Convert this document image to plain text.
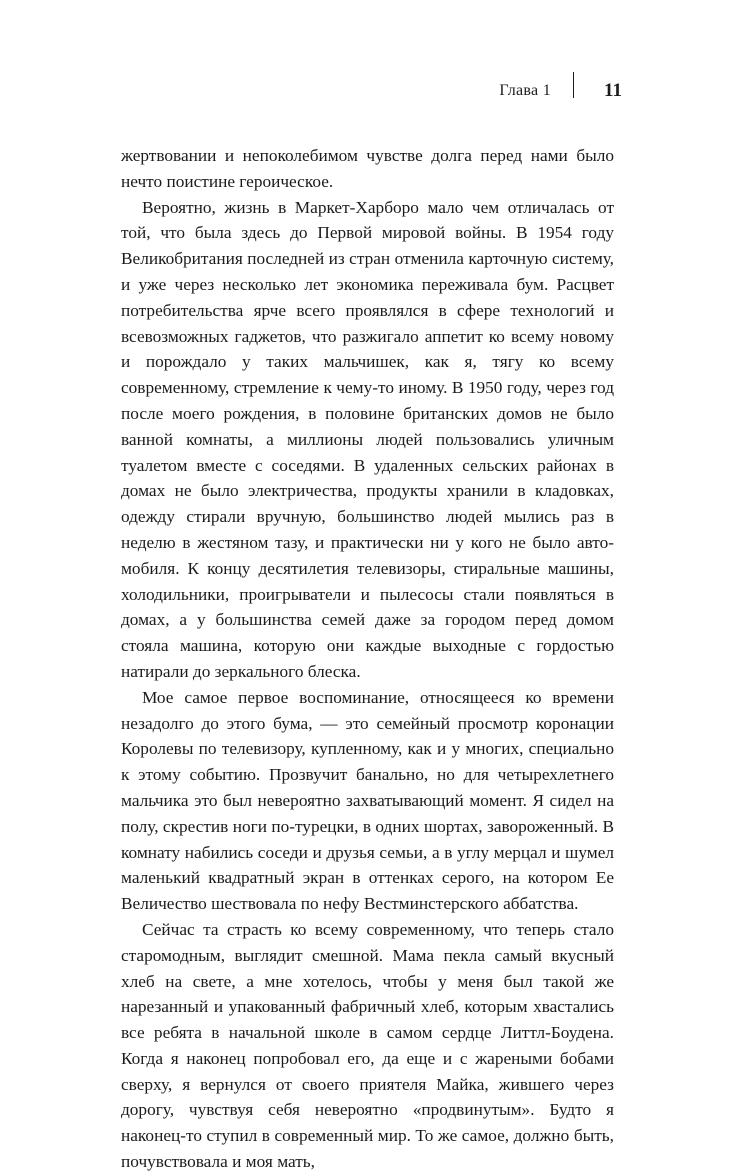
Глава 1	11

жертвовании и непоколебимом чувстве долга перед нами было нечто поистине героическое.

Вероятно, жизнь в Маркет-Харборо мало чем отличалась от той, что была здесь до Первой мировой войны. В 1954 году Великобритания последней из стран отменила карточную систему, и уже через несколько лет экономика переживала бум. Расцвет потребительства ярче всего проявлялся в сфере технологий и всевозможных гаджетов, что разжигало аппетит ко всему новому и порождало у таких мальчишек, как я, тягу ко всему современному, стремление к чему-то иному. В 1950 году, через год после моего рождения, в половине британских домов не было ванной комнаты, а миллионы людей пользовались уличным туалетом вместе с соседями. В удаленных сельских районах в домах не было электричества, продукты хранили в кладовках, одежду стирали вручную, большинство людей мылись раз в неделю в жестяном тазу, и практически ни у кого не было автомобиля. К концу десятилетия телевизоры, стиральные машины, холодильники, проигрыватели и пылесосы стали появляться в домах, а у большинства семей даже за городом перед домом стояла машина, которую они каждые выходные с гордостью натирали до зеркального блеска.

Мое самое первое воспоминание, относящееся ко времени незадолго до этого бума, — это семейный просмотр коронации Королевы по телевизору, купленному, как и у многих, специально к этому событию. Прозвучит банально, но для четырехлетнего мальчика это был невероятно захватывающий момент. Я сидел на полу, скрестив ноги по-турецки, в одних шортах, завороженный. В комнату набились соседи и друзья семьи, а в углу мерцал и шумел маленький квадратный экран в оттенках серого, на котором Ее Величество шествовала по нефу Вестминстерского аббатства.

Сейчас та страсть ко всему современному, что теперь стало старомодным, выглядит смешной. Мама пекла самый вкусный хлеб на свете, а мне хотелось, чтобы у меня был такой же нарезанный и упакованный фабричный хлеб, которым хвастались все ребята в начальной школе в самом сердце Литтл-Боудена. Когда я наконец попробовал его, да еще и с жареными бобами сверху, я вернулся от своего приятеля Майка, жившего через дорогу, чувствуя себя невероятно «продвинутым». Будто я наконец-то ступил в современный мир. То же самое, должно быть, почувствовала и моя мать,
